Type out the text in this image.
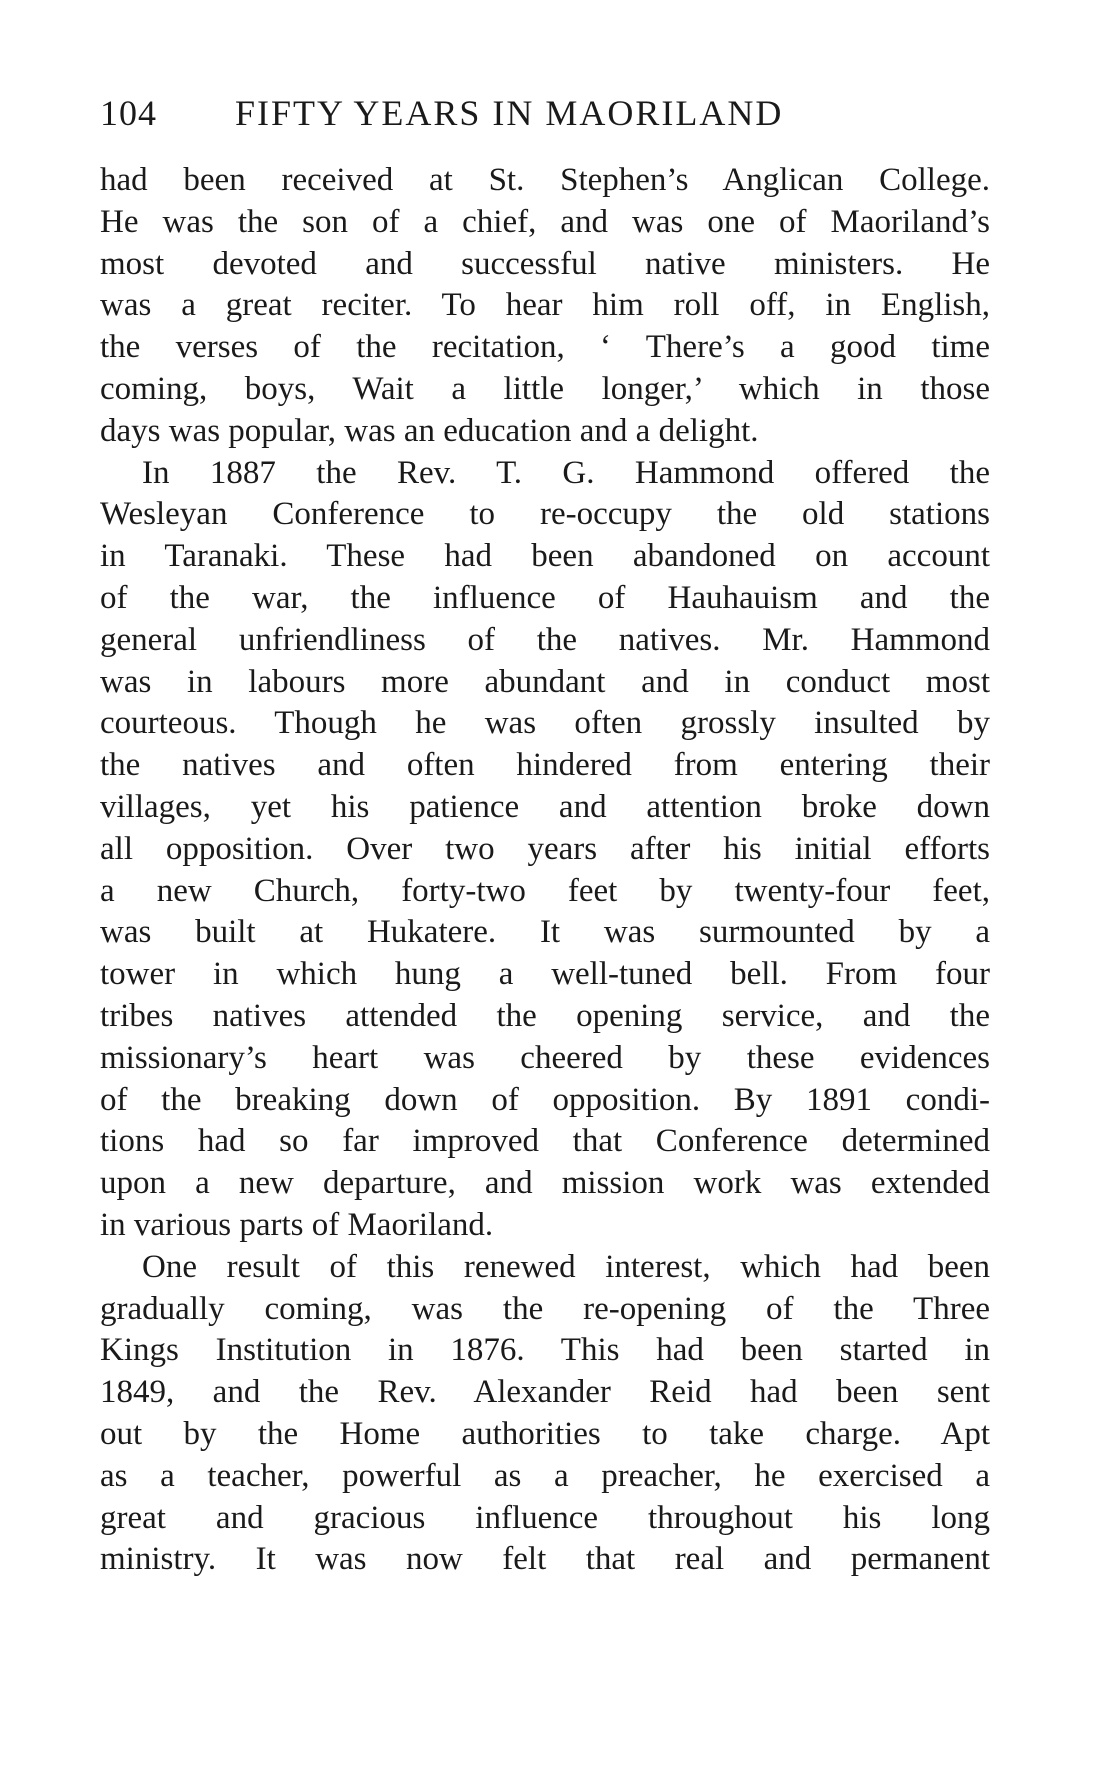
104 FIFTY YEARS IN MAORILAND
had been received at St. Stephen’s Anglican College.
He was the son of a chief, and was one of Maoriland’s
most devoted and successful native ministers. He
was a great reciter. To hear him roll off, in English,
the verses of the recitation, ‘ There’s a good time
coming, boys, Wait a little longer,’ which in those
days was popular, was an education and a delight.
In 1887 the Rev. T. G. Hammond offered the
Wesleyan Conference to re-occupy the old stations
in Taranaki. These had been abandoned on account
of the war, the influence of Hauhauism and the
general unfriendliness of the natives. Mr. Hammond
was in labours more abundant and in conduct most
courteous. Though he was often grossly insulted by
the natives and often hindered from entering their
villages, yet his patience and attention broke down
all opposition. Over two years after his initial efforts
a new Church, forty-two feet by twenty-four feet,
was built at Hukatere. It was surmounted by a
tower in which hung a well-tuned bell. From four
tribes natives attended the opening service, and the
missionary’s heart was cheered by these evidences
of the breaking down of opposition. By 1891 condi-
tions had so far improved that Conference determined
upon a new departure, and mission work was extended
in various parts of Maoriland.
One result of this renewed interest, which had been
gradually coming, was the re-opening of the Three
Kings Institution in 1876. This had been started in
1849, and the Rev. Alexander Reid had been sent
out by the Home authorities to take charge. Apt
as a teacher, powerful as a preacher, he exercised a
great and gracious influence throughout his long
ministry. It was now felt that real and permanent
